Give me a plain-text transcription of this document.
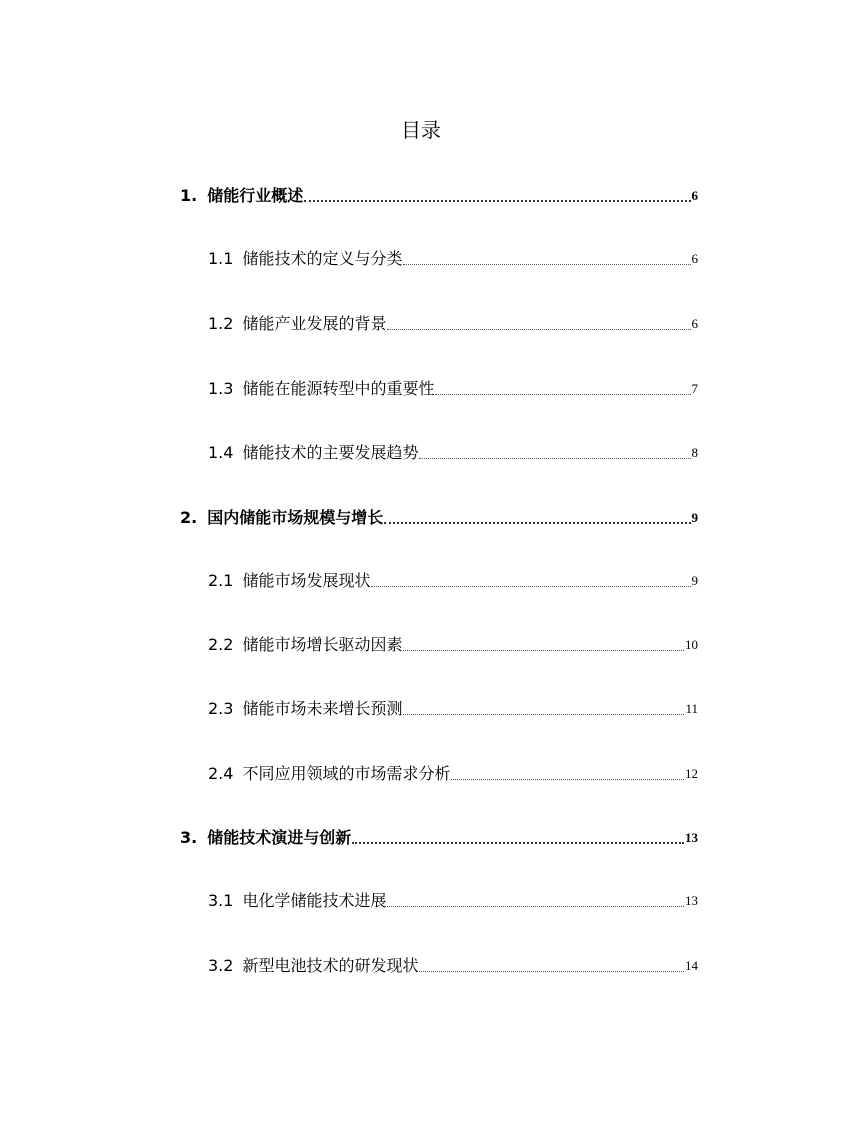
目录
1. 储能行业概述	6
1.1 储能技术的定义与分类	6
1.2 储能产业发展的背景	6
1.3 储能在能源转型中的重要性	7
1.4 储能技术的主要发展趋势	8
2. 国内储能市场规模与增长	9
2.1 储能市场发展现状	9
2.2 储能市场增长驱动因素	10
2.3 储能市场未来增长预测	11
2.4 不同应用领域的市场需求分析	12
3. 储能技术演进与创新	13
3.1 电化学储能技术进展	13
3.2 新型电池技术的研发现状	14
